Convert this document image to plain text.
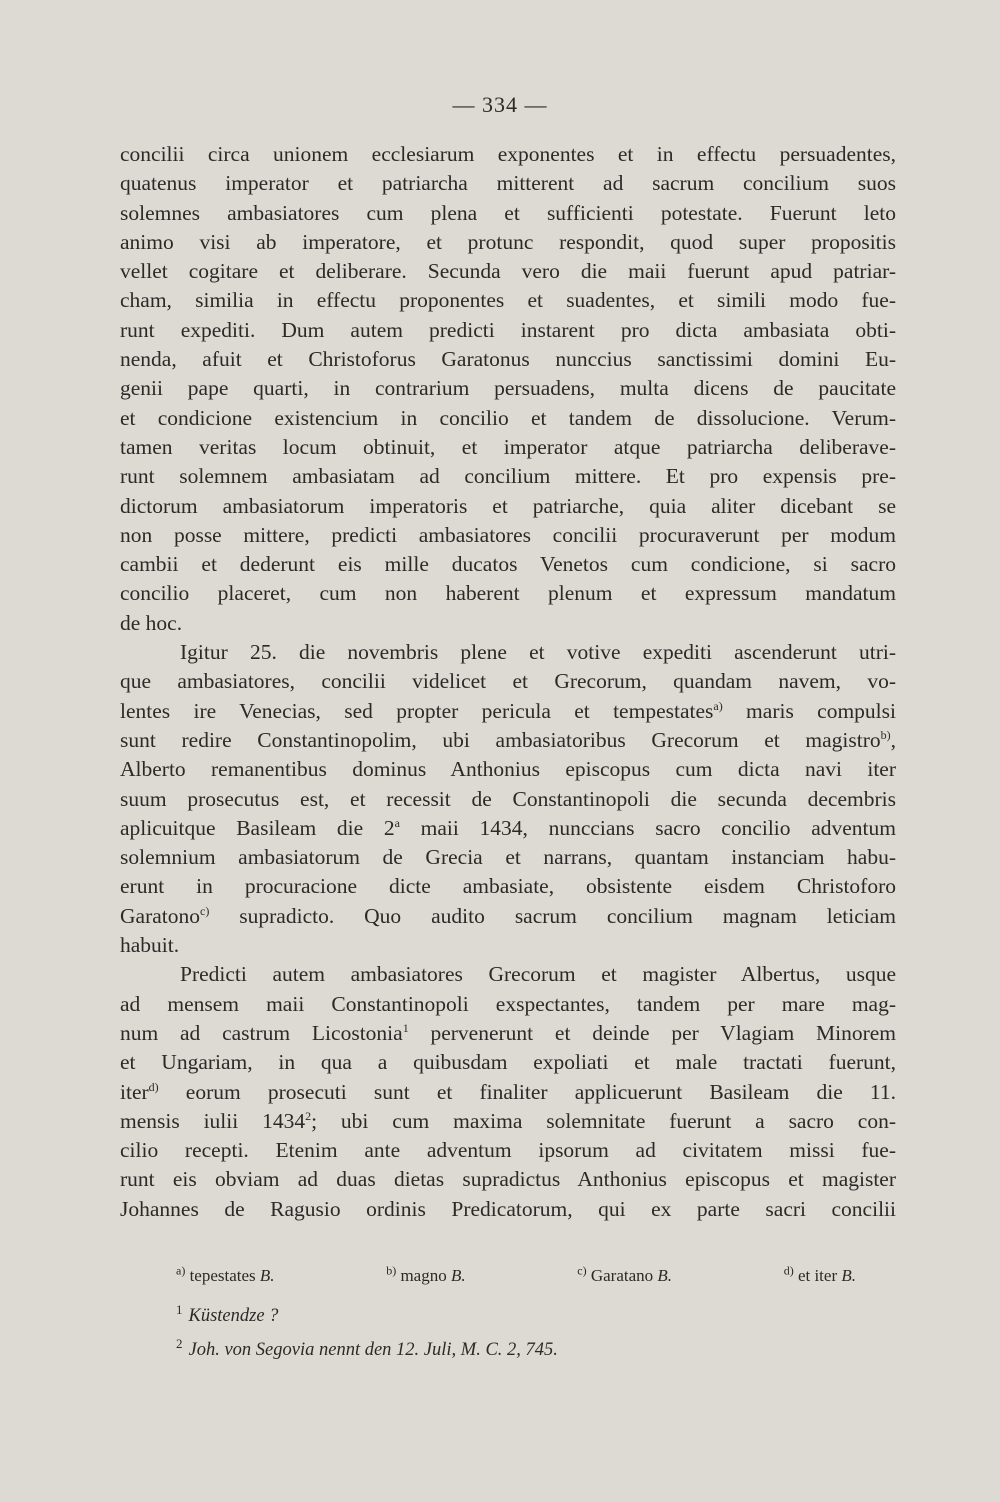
— 334 —
concilii circa unionem ecclesiarum exponentes et in effectu persuadentes,
quatenus imperator et patriarcha mitterent ad sacrum concilium suos
solemnes ambasiatores cum plena et sufficienti potestate. Fuerunt leto
animo visi ab imperatore, et protunc respondit, quod super propositis
vellet cogitare et deliberare. Secunda vero die maii fuerunt apud patriar-
cham, similia in effectu proponentes et suadentes, et simili modo fue-
runt expediti. Dum autem predicti instarent pro dicta ambasiata obti-
nenda, afuit et Christoforus Garatonus nunccius sanctissimi domini Eu-
genii pape quarti, in contrarium persuadens, multa dicens de paucitate
et condicione existencium in concilio et tandem de dissolucione. Verum-
tamen veritas locum obtinuit, et imperator atque patriarcha deliberave-
runt solemnem ambasiatam ad concilium mittere. Et pro expensis pre-
dictorum ambasiatorum imperatoris et patriarche, quia aliter dicebant se
non posse mittere, predicti ambasiatores concilii procuraverunt per modum
cambii et dederunt eis mille ducatos Venetos cum condicione, si sacro
concilio placeret, cum non haberent plenum et expressum mandatum
de hoc.
Igitur 25. die novembris plene et votive expediti ascenderunt utri-
que ambasiatores, concilii videlicet et Grecorum, quandam navem, vo-
lentes ire Venecias, sed propter pericula et tempestates$^{a)}$ maris compulsi
sunt redire Constantinopolim, ubi ambasiatoribus Grecorum et magistro$^{b)}$,
Alberto remanentibus dominus Anthonius episcopus cum dicta navi iter
suum prosecutus est, et recessit de Constantinopoli die secunda decembris
aplicuitque Basileam die 2$^a$ maii 1434, nunccians sacro concilio adventum
solemnium ambasiatorum de Grecia et narrans, quantam instanciam habu-
erunt in procuracione dicte ambasiate, obsistente eisdem Christoforo
Garatono$^{c)}$ supradicto. Quo audito sacrum concilium magnam leticiam
habuit.
Predicti autem ambasiatores Grecorum et magister Albertus, usque
ad mensem maii Constantinopoli exspectantes, tandem per mare mag-
num ad castrum Licostonia$^1$ pervenerunt et deinde per Vlagiam Minorem
et Ungariam, in qua a quibusdam expoliati et male tractati fuerunt,
iter$^{d)}$ eorum prosecuti sunt et finaliter applicuerunt Basileam die 11.
mensis iulii 1434$^2$; ubi cum maxima solemnitate fuerunt a sacro con-
cilio recepti. Etenim ante adventum ipsorum ad civitatem missi fue-
runt eis obviam ad duas dietas supradictus Anthonius episcopus et magister
Johannes de Ragusio ordinis Predicatorum, qui ex parte sacri concilii
$^{a)}$ tepestates B.	$^{b)}$ magno B.	$^{c)}$ Garatano B.	$^{d)}$ et iter B.
$^1$ Küstendze ?
$^2$ Joh. von Segovia nennt den 12. Juli, M. C. 2, 745.
